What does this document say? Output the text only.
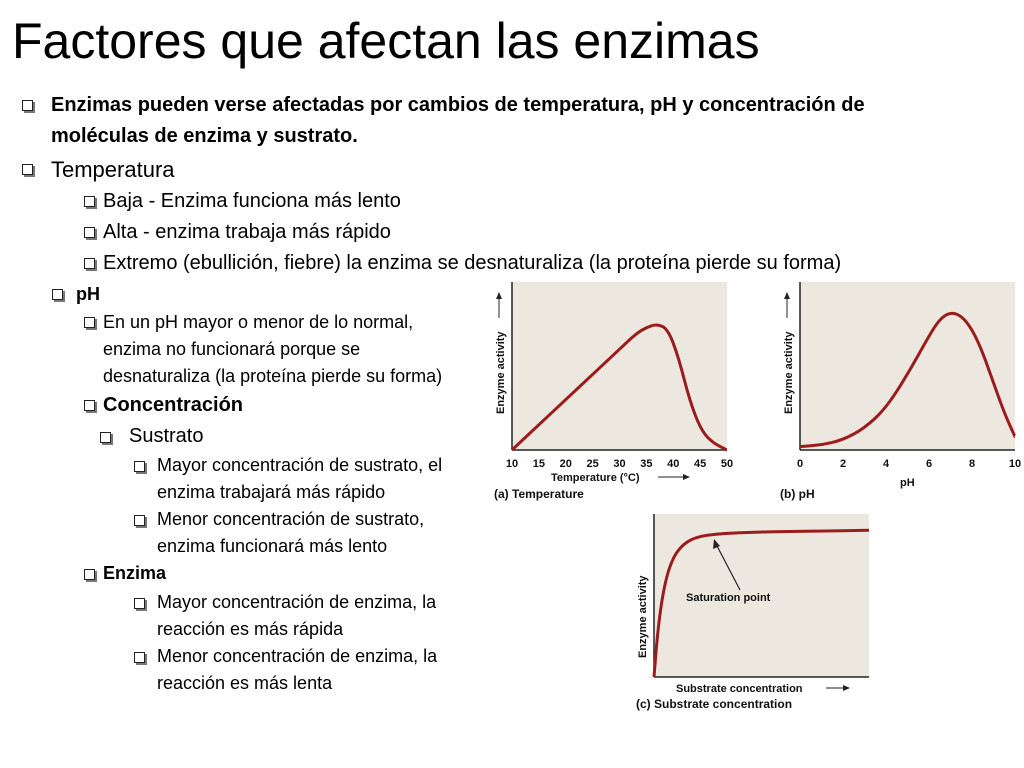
Factores que afectan las enzimas
Enzimas pueden verse afectadas por cambios de temperatura, pH y concentración de
moléculas de enzima y sustrato.
Temperatura
Baja - Enzima funciona más lento
Alta - enzima trabaja más rápido
Extremo (ebullición, fiebre) la enzima se desnaturaliza (la proteína pierde su forma)
pH
En un pH mayor o menor de lo normal,
enzima no funcionará porque se
desnaturaliza (la proteína pierde su forma)
Concentración
Sustrato
Mayor concentración de sustrato, el
enzima trabajará más rápido
Menor concentración de sustrato,
enzima funcionará más lento
Enzima
Mayor concentración de enzima, la
reacción es más rápida
Menor concentración de enzima, la
reacción es más lenta
10 15 20 25 30 35 40 45 50
Enzyme activity
Temperature (°C)
(a) Temperature
0	2	4	6	8	10
Enzyme activity
pH
(b) pH
Saturation point
Enzyme activity
Substrate concentration
(c) Substrate concentration
